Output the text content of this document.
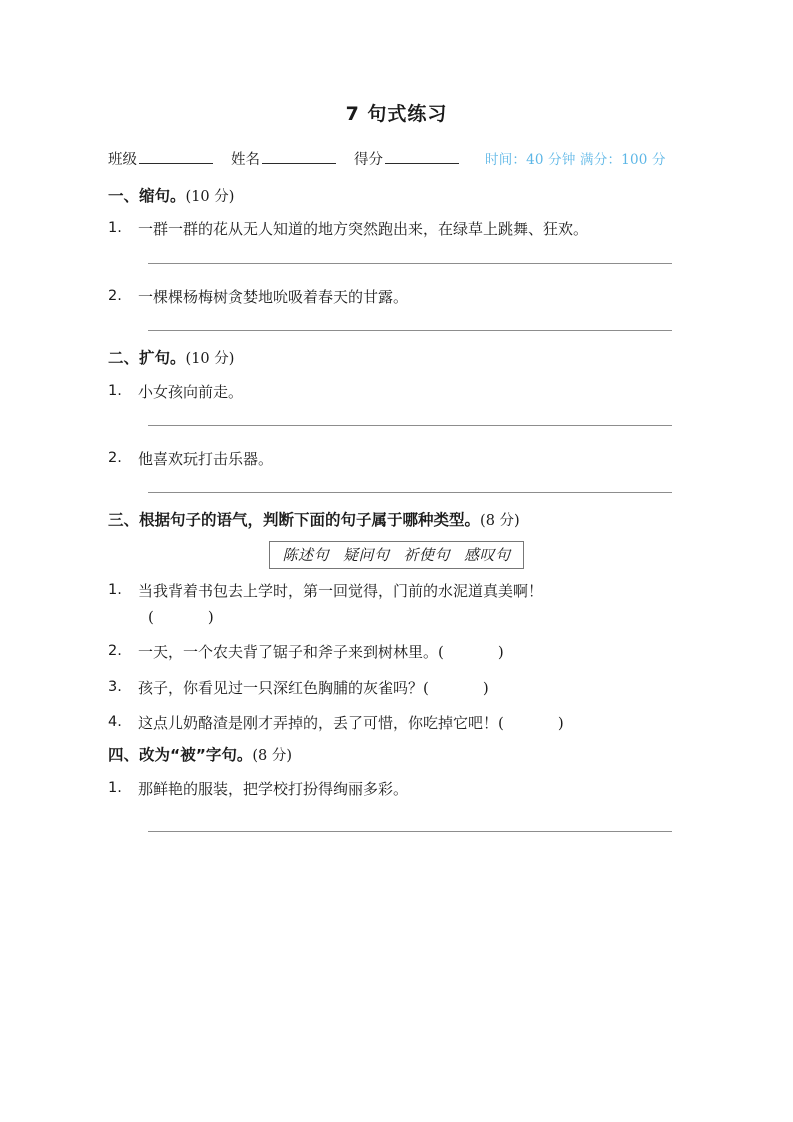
7 句式练习
班级	姓名	得分	时间：40 分钟 满分：100 分
一、缩句。(10 分)
1.	一群一群的花从无人知道的地方突然跑出来，在绿草上跳舞、狂欢。
2.	一棵棵杨梅树贪婪地吮吸着春天的甘露。
二、扩句。(10 分)
1.	小女孩向前走。
2.	他喜欢玩打击乐器。
三、根据句子的语气，判断下面的句子属于哪种类型。(8 分)
陈述句 疑问句 祈使句 感叹句
1.	当我背着书包去上学时，第一回觉得，门前的水泥道真美啊！
(	)
2.	一天，一个农夫背了锯子和斧子来到树林里。(	)
3.	孩子，你看见过一只深红色胸脯的灰雀吗？(	)
4.	这点儿奶酪渣是刚才弄掉的，丢了可惜，你吃掉它吧！(	)
四、改为“被”字句。(8 分)
1.	那鲜艳的服装，把学校打扮得绚丽多彩。
